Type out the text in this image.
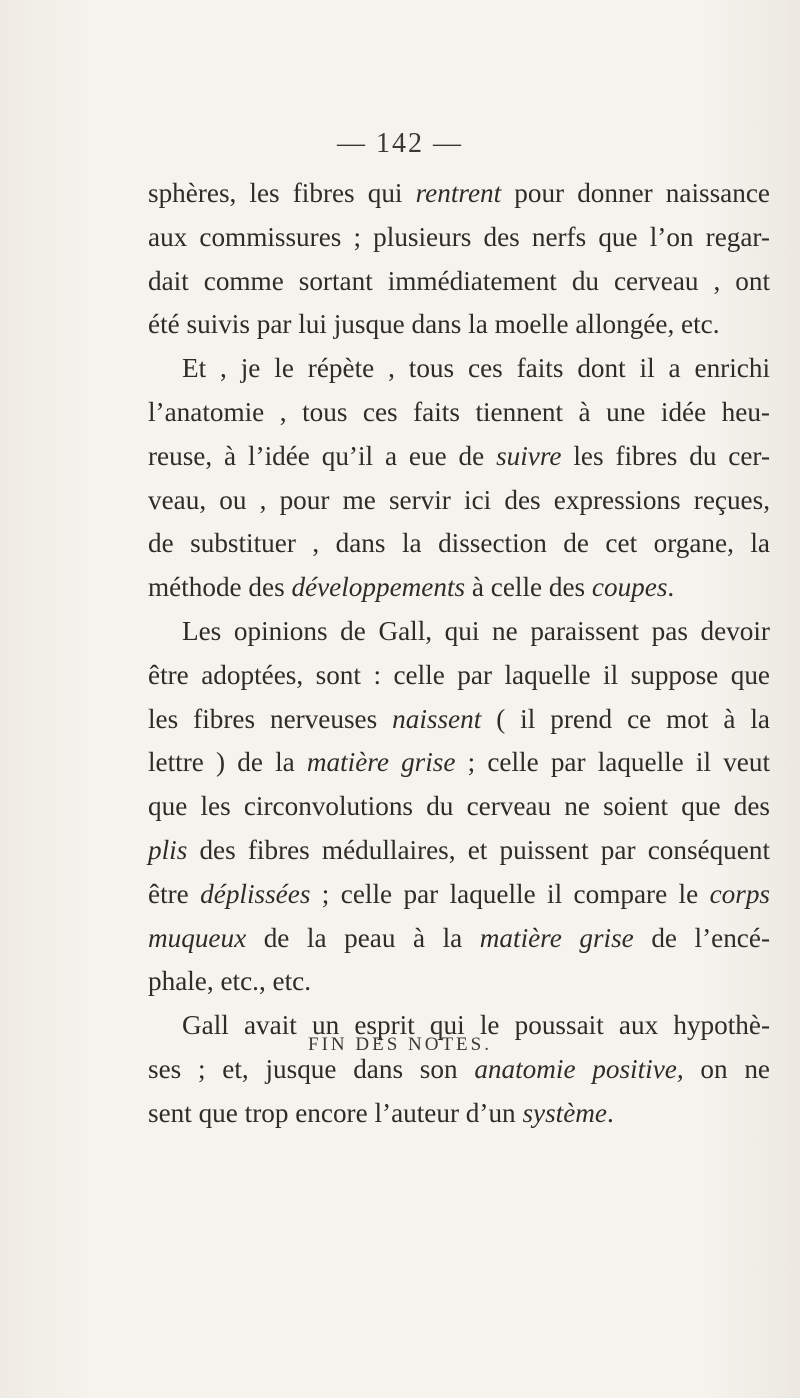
— 142 —
sphères, les fibres qui rentrent pour donner naissance
aux commissures ; plusieurs des nerfs que l’on regar-
dait comme sortant immédiatement du cerveau , ont
été suivis par lui jusque dans la moelle allongée, etc.
Et , je le répète , tous ces faits dont il a enrichi
l’anatomie , tous ces faits tiennent à une idée heu-
reuse, à l’idée qu’il a eue de suivre les fibres du cer-
veau, ou , pour me servir ici des expressions reçues,
de substituer , dans la dissection de cet organe, la
méthode des développements à celle des coupes.
Les opinions de Gall, qui ne paraissent pas devoir
être adoptées, sont : celle par laquelle il suppose que
les fibres nerveuses naissent ( il prend ce mot à la
lettre ) de la matière grise ; celle par laquelle il veut
que les circonvolutions du cerveau ne soient que des
plis des fibres médullaires, et puissent par conséquent
être déplissées ; celle par laquelle il compare le corps
muqueux de la peau à la matière grise de l’encé-
phale, etc., etc.
Gall avait un esprit qui le poussait aux hypothè-
ses ; et, jusque dans son anatomie positive, on ne
sent que trop encore l’auteur d’un système.
FIN DES NOTES.
